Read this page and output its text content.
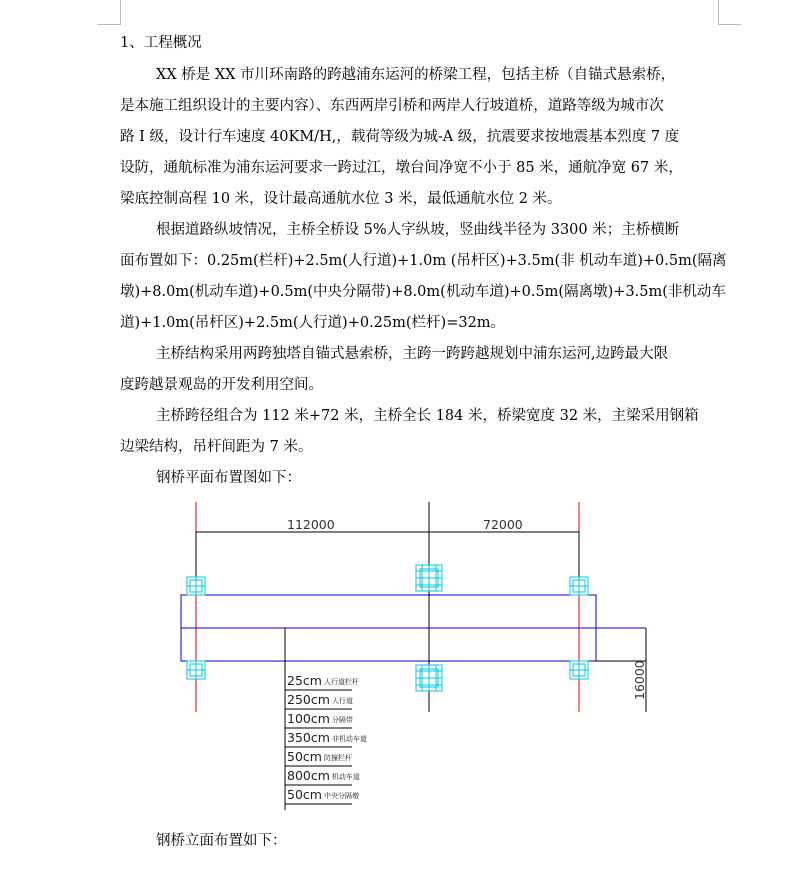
1、工程概况
XX 桥是 XX 市川环南路的跨越浦东运河的桥梁工程，包括主桥（自锚式悬索桥，
是本施工组织设计的主要内容）、东西两岸引桥和两岸人行坡道桥，道路等级为城市次
路 I 级，设计行车速度 40KM/H,，载荷等级为城-A 级，抗震要求按地震基本烈度 7 度
设防，通航标准为浦东运河要求一跨过江，墩台间净宽不小于 85 米，通航净宽 67 米，
梁底控制高程 10 米，设计最高通航水位 3 米，最低通航水位 2 米。
根据道路纵坡情况，主桥全桥设 5%人字纵坡，竖曲线半径为 3300 米；主桥横断
面布置如下：0.25m(栏杆)+2.5m(人行道)+1.0m (吊杆区)+3.5m(非 机动车道)+0.5m(隔离
墩)+8.0m(机动车道)+0.5m(中央分隔带)+8.0m(机动车道)+0.5m(隔离墩)+3.5m(非机动车
道)+1.0m(吊杆区)+2.5m(人行道)+0.25m(栏杆)=32m。
主桥结构采用两跨独塔自锚式悬索桥，主跨一跨跨越规划中浦东运河,边跨最大限
度跨越景观岛的开发利用空间。
主桥跨径组合为 112 米+72 米，主桥全长 184 米，桥梁宽度 32 米，主梁采用钢箱
边梁结构，吊杆间距为 7 米。
钢桥平面布置图如下：
112000	72000
16000
25cm 人行道栏杆
250cm 人行道
100cm 分隔带
350cm 非机动车道
50cm 防撞栏杆
800cm 机动车道
50cm 中央分隔墩
钢桥立面布置如下：
